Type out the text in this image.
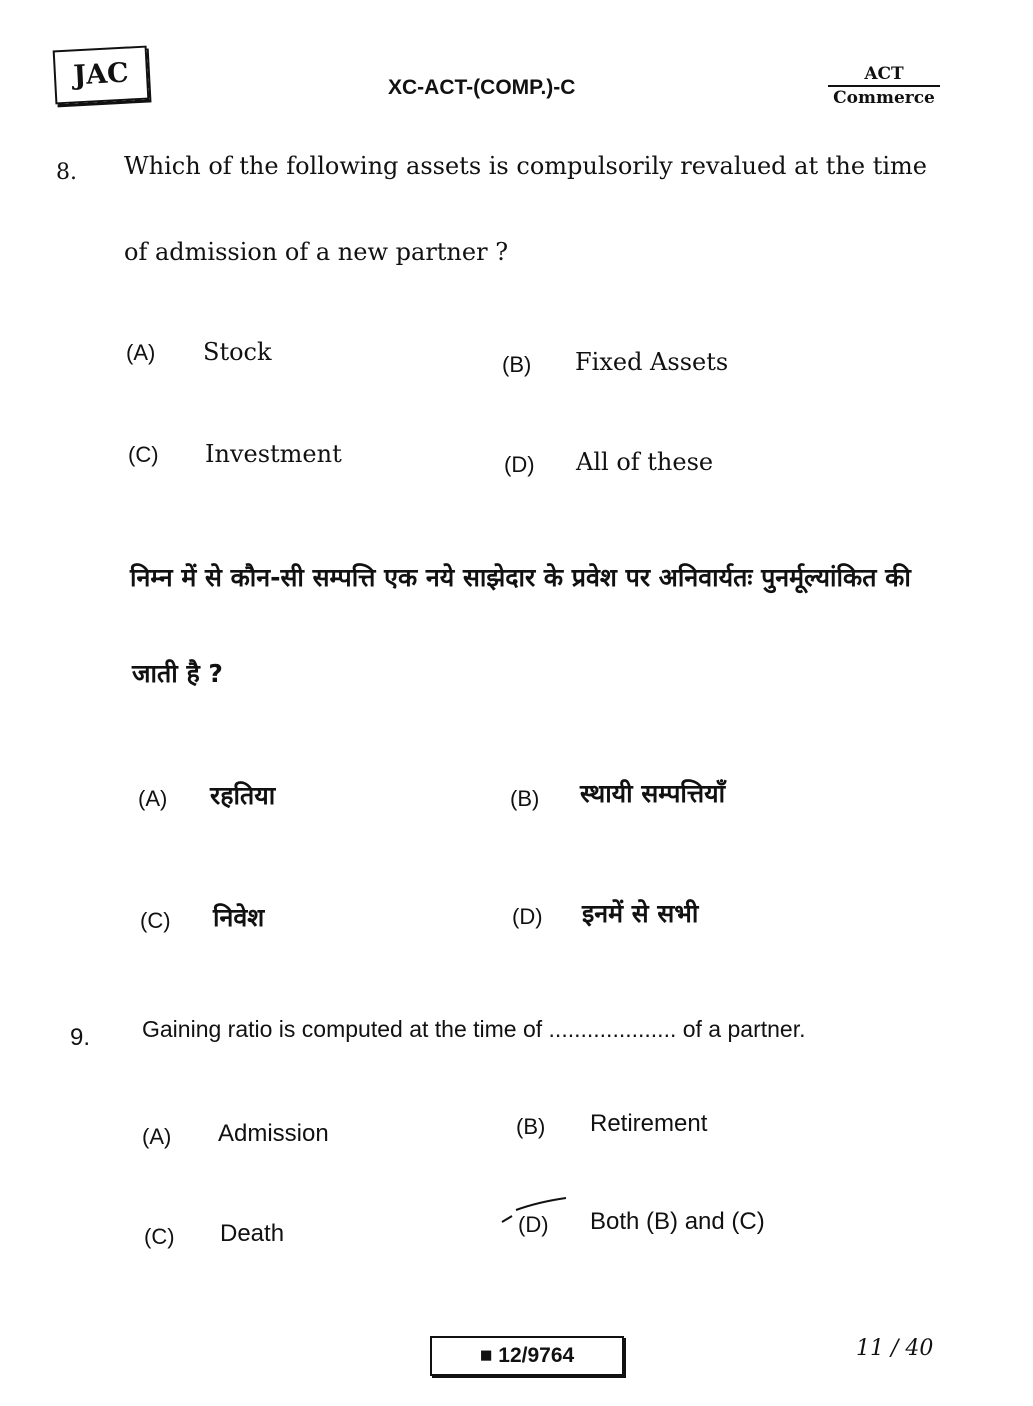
JAC	XC-ACT-(COMP.)-C
ACT
Commerce
8. Which of the following assets is compulsorily revalued at the time
of admission of a new partner ?
(A) Stock	(B) Fixed Assets
(C) Investment	(D) All of these
निम्न में से कौन-सी सम्पत्ति एक नये साझेदार के प्रवेश पर अनिवार्यतः पुनर्मूल्यांकित की
जाती है ?
(A) रहतिया	(B) स्थायी सम्पत्तियाँ
(C) निवेश	(D) इनमें से सभी
9. Gaining ratio is computed at the time of .................... of a partner.
(A) Admission	(B) Retirement
(C) Death	(D) Both (B) and (C)
■ 12/9764	11 / 40
